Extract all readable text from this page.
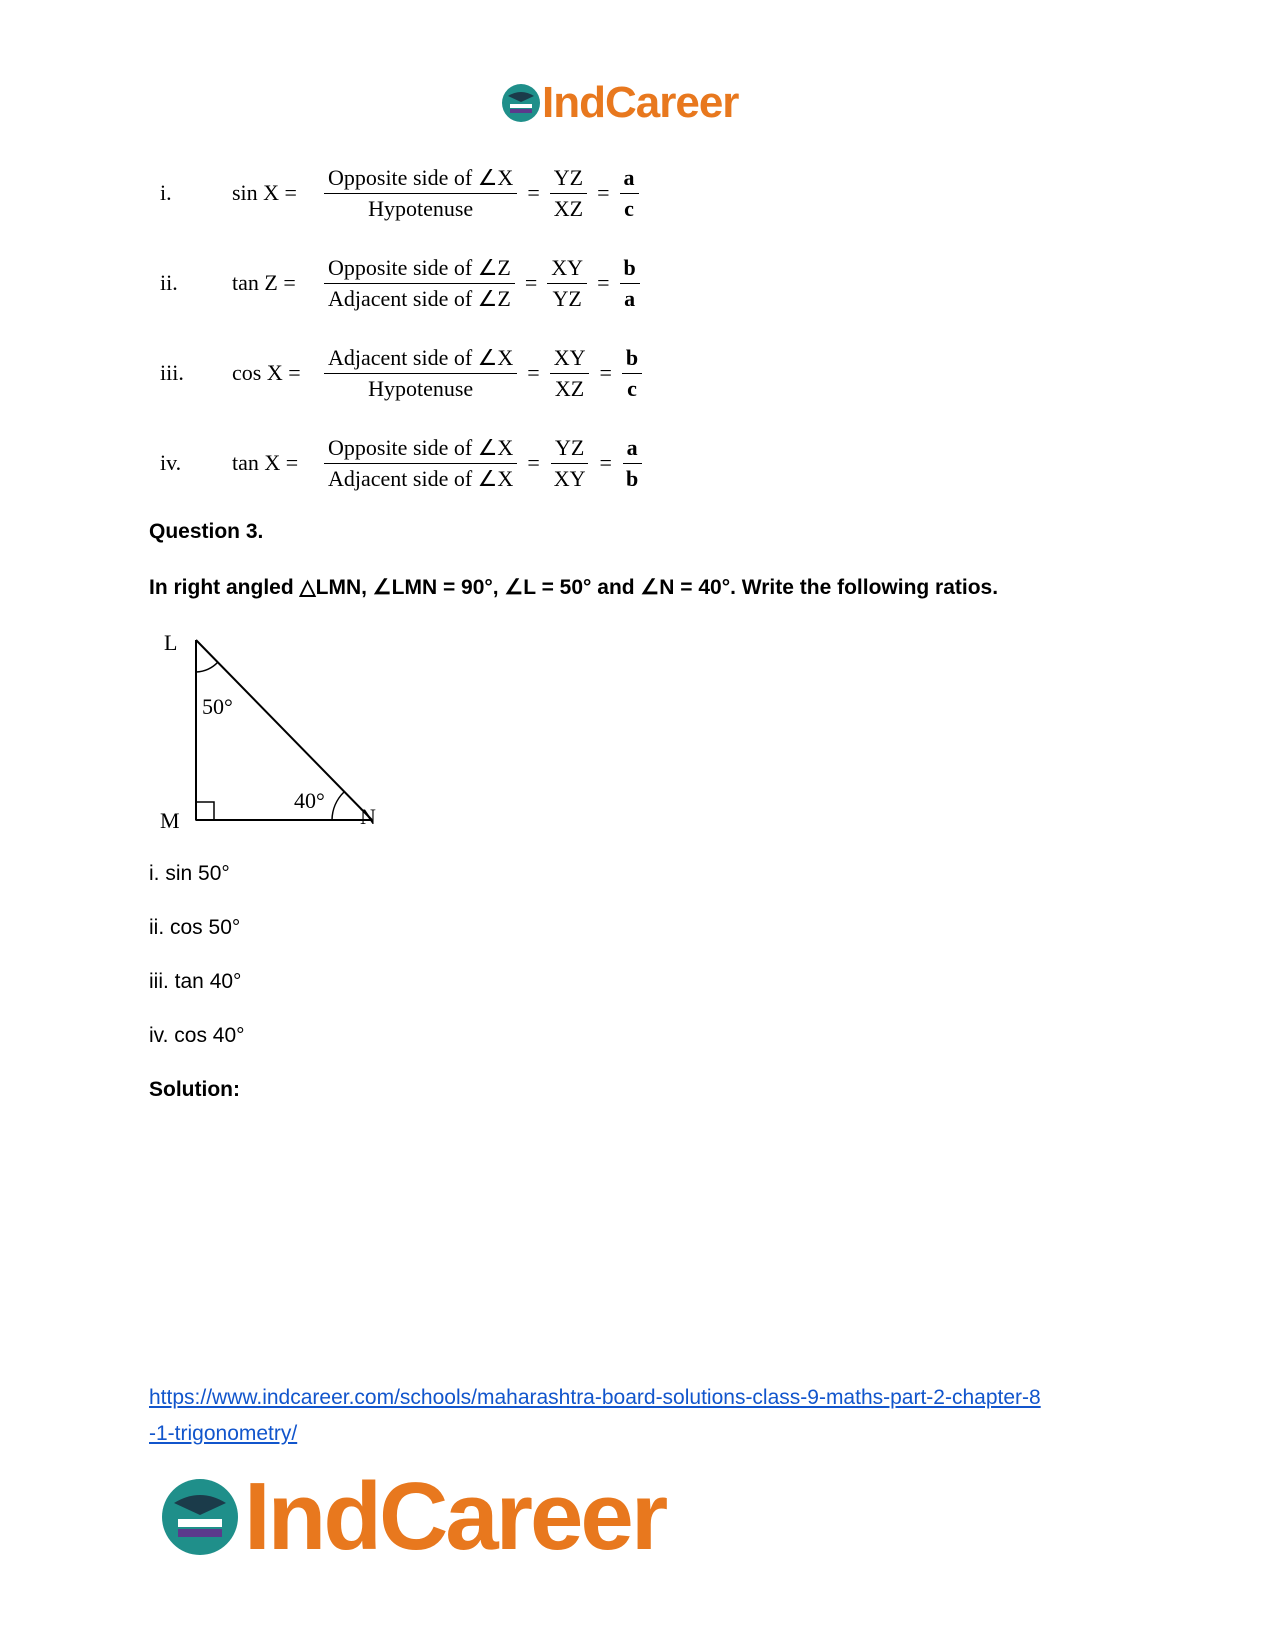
IndCareer
i.	sin X =	$\frac{\text{Opposite side of ∠X}}{\text{Hypotenuse}} = \frac{YZ}{XZ} = \frac{a}{c}$
ii.	tan Z =	$\frac{\text{Opposite side of ∠Z}}{\text{Adjacent side of ∠Z}} = \frac{XY}{YZ} = \frac{b}{a}$
iii.	$\cos X = \frac{\text{Adjacent side of ∠X}}{\text{Hypotenuse}} = \frac{XY}{XZ} = \frac{b}{c}$
iv.	$\tan X = \frac{\text{Opposite side of ∠X}}{\text{Adjacent side of ∠X}} = \frac{YZ}{XY} = \frac{a}{b}$
Question 3.
In right angled △LMN, ∠LMN = 90°, ∠L = 50° and ∠N = 40°. Write the following ratios.
L
M	N
50°
40°
i. sin 50°
ii. cos 50°
iii. tan 40°
iv. cos 40°
Solution:
https://www.indcareer.com/schools/maharashtra-board-solutions-class-9-maths-part-2-chapter-8
-1-trigonometry/
IndCareer
